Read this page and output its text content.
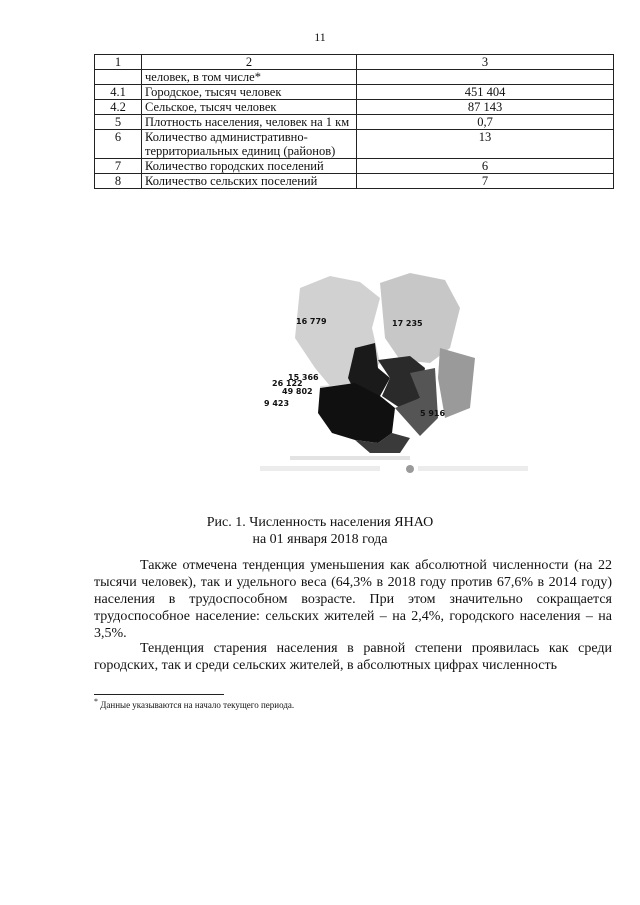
11
1	2	3
	человек, в том числе*	
4.1	Городское, тысяч человек	451 404
4.2	Сельское, тысяч человек	87 143
5	Плотность населения, человек на 1 км	0,7
6	Количество административно-территориальных единиц (районов)	13
7	Количество городских поселений	6
8	Количество сельских поселений	7
16 779	17 235
15 366
26 122
49 802
9 423
5 916
16 930
Рис. 1. Численность населения ЯНАО
на 01 января 2018 года
Также отмечена тенденция уменьшения как абсолютной численности (на 22 тысячи человек), так и удельного веса (64,3% в 2018 году против 67,6% в 2014 году) населения в трудоспособном возрасте. При этом значительно сокращается трудоспособное население: сельских жителей – на 2,4%, городского населения – на 3,5%.
Тенденция старения населения в равной степени проявилась как среди городских, так и среди сельских жителей, в абсолютных цифрах численность
* Данные указываются на начало текущего периода.
